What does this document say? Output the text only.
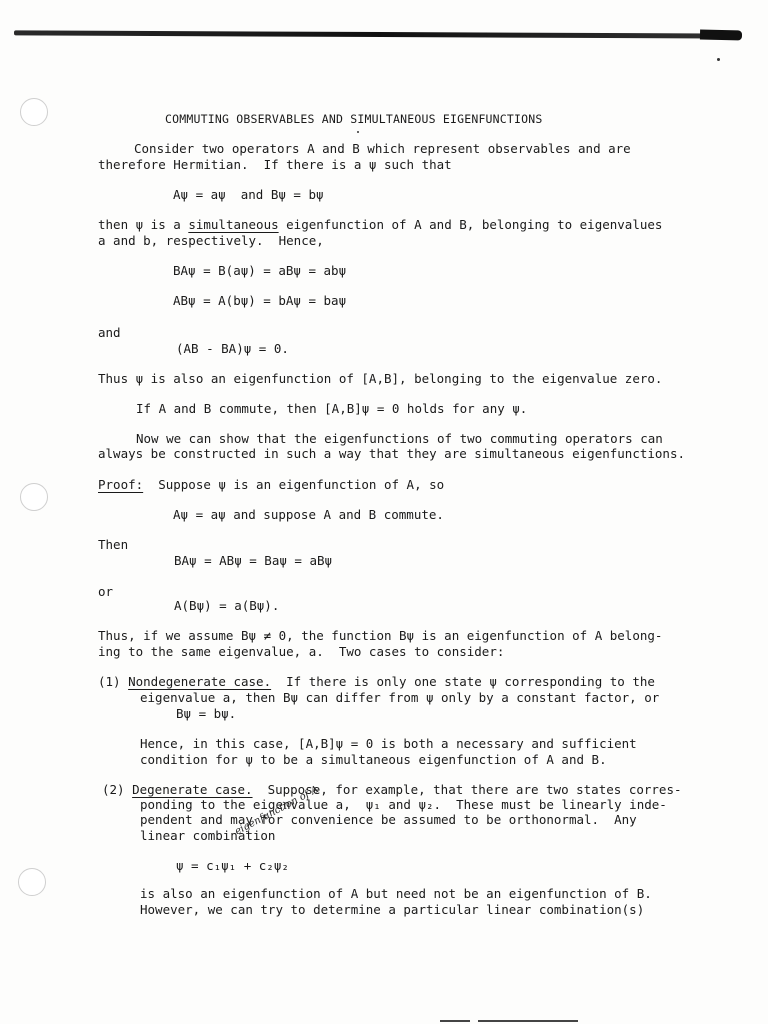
COMMUTING OBSERVABLES AND SIMULTANEOUS EIGENFUNCTIONS
Consider two operators A and B which represent observables and are
therefore Hermitian.  If there is a ψ such that
Aψ = aψ  and Bψ = bψ
then ψ is a simultaneous eigenfunction of A and B, belonging to eigenvalues
a and b, respectively.  Hence,
BAψ = B(aψ) = aBψ = abψ
ABψ = A(bψ) = bAψ = baψ
and
(AB - BA)ψ = 0.
Thus ψ is also an eigenfunction of [A,B], belonging to the eigenvalue zero.
If A and B commute, then [A,B]ψ = 0 holds for any ψ.
Now we can show that the eigenfunctions of two commuting operators can
always be constructed in such a way that they are simultaneous eigenfunctions.
Proof:  Suppose ψ is an eigenfunction of A, so
Aψ = aψ and suppose A and B commute.
Then
BAψ = ABψ = Baψ = aBψ
or
A(Bψ) = a(Bψ).
Thus, if we assume Bψ ≠ 0, the function Bψ is an eigenfunction of A belong-
ing to the same eigenvalue, a.  Two cases to consider:
(1) Nondegenerate case.  If there is only one state ψ corresponding to the
eigenvalue a, then Bψ can differ from ψ only by a constant factor, or
Bψ = bψ.
Hence, in this case, [A,B]ψ = 0 is both a necessary and sufficient
condition for ψ to be a simultaneous eigenfunction of A and B.
(2) Degenerate case.  Suppose, for example, that there are two states corres-
ponding to the eigenvalue a,  ψ₁ and ψ₂.  These must be linearly inde-
pendent and may for convenience be assumed to be orthonormal.  Any
linear combination
ψ = c₁ψ₁ + c₂ψ₂
eigenfunction of A
is also an eigenfunction of A but need not be an eigenfunction of B.
However, we can try to determine a particular linear combination(s)
